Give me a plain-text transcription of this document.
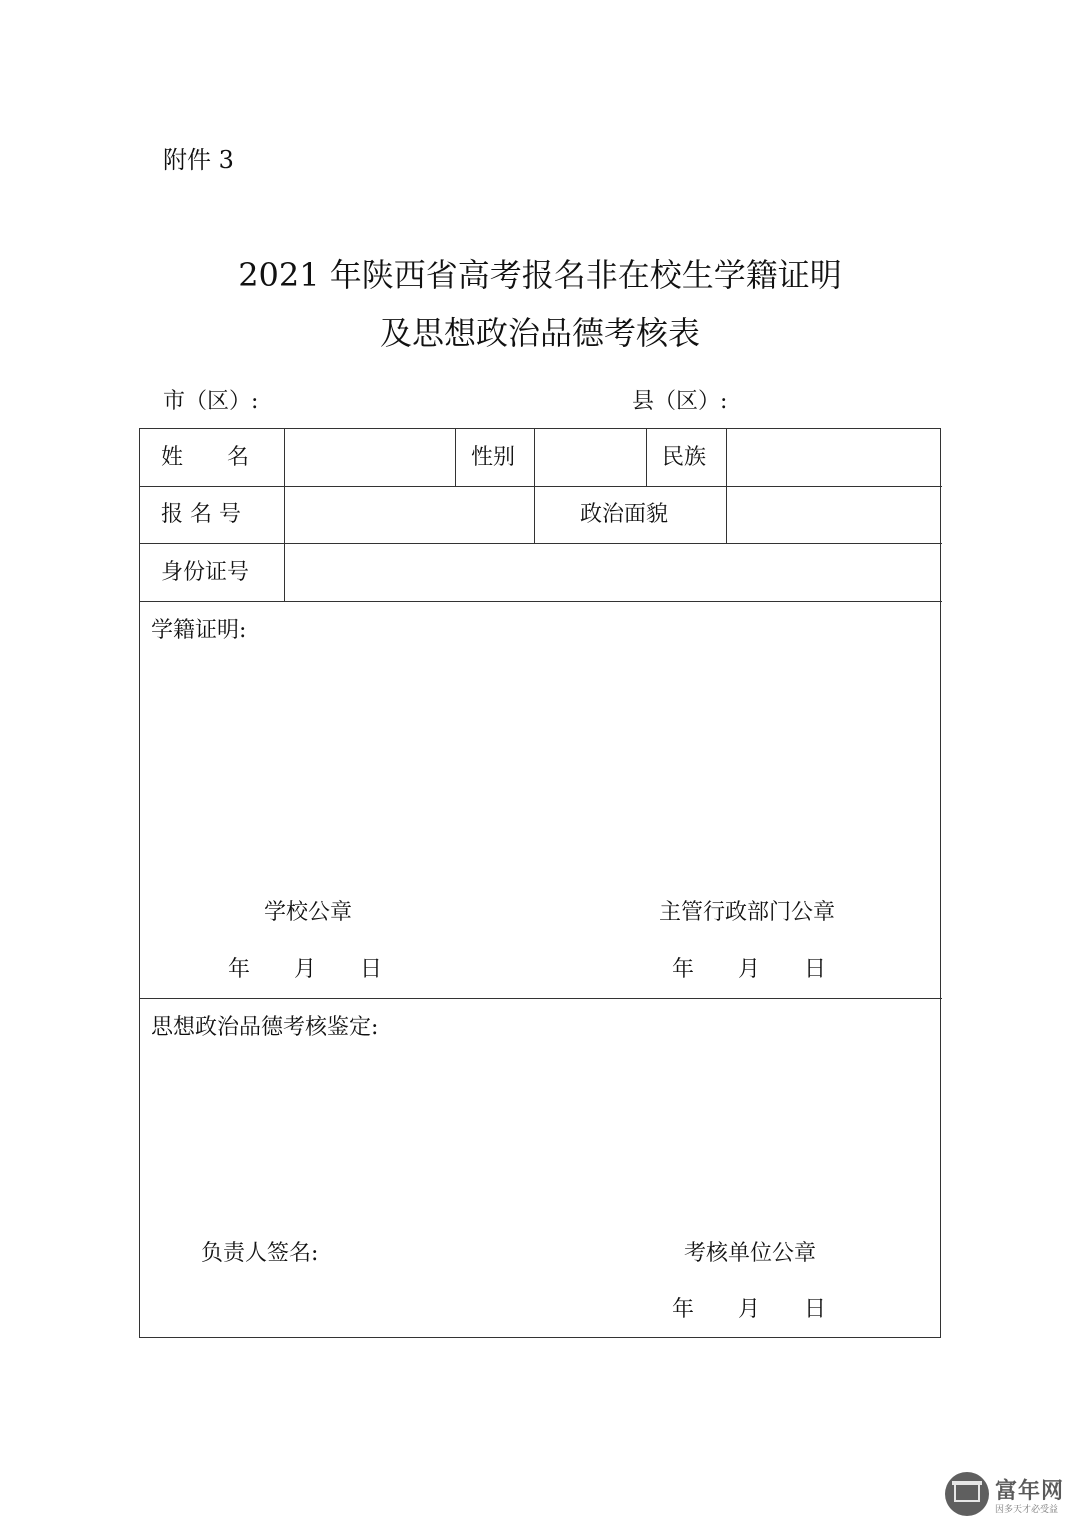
附件 3
2021 年陕西省高考报名非在校生学籍证明
及思想政治品德考核表
市（区）:	县（区）:
姓　　名	性别	民族
报 名 号	政治面貌
身份证号
学籍证明:
学校公章	主管行政部门公章
年　　月　　日	年　　月　　日
思想政治品德考核鉴定:
负责人签名:	考核单位公章
年　　月　　日
富年网
因多天才必受益
